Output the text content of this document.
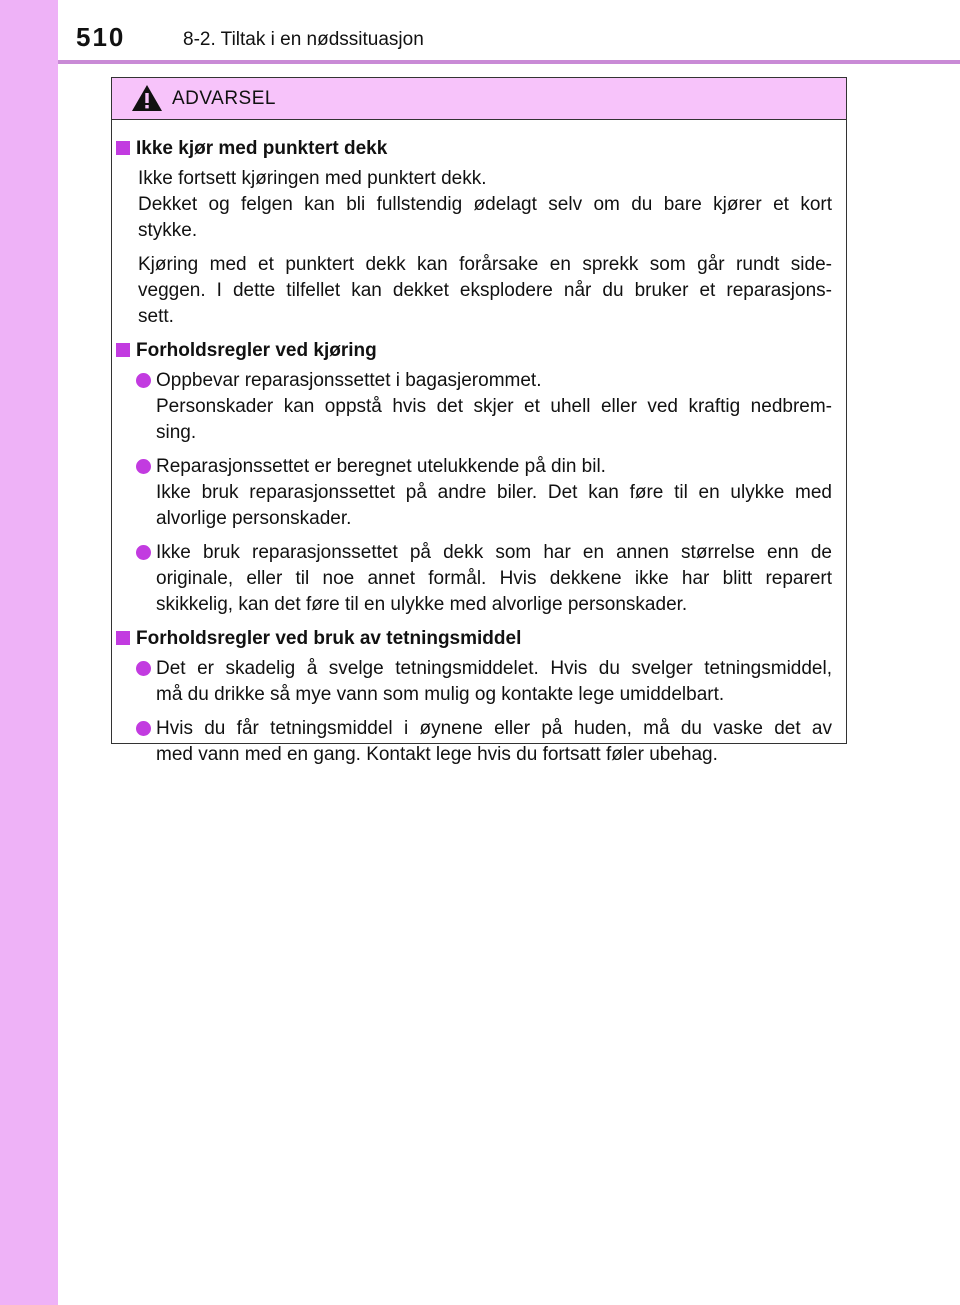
510	8-2. Tiltak i en nødssituasjon
ADVARSEL
Ikke kjør med punktert dekk
Ikke fortsett kjøringen med punktert dekk.
Dekket og felgen kan bli fullstendig ødelagt selv om du bare kjører et kort
stykke.
Kjøring med et punktert dekk kan forårsake en sprekk som går rundt side-
veggen. I dette tilfellet kan dekket eksplodere når du bruker et reparasjons-
sett.
Forholdsregler ved kjøring
Oppbevar reparasjonssettet i bagasjerommet.
Personskader kan oppstå hvis det skjer et uhell eller ved kraftig nedbrem-
sing.
Reparasjonssettet er beregnet utelukkende på din bil.
Ikke bruk reparasjonssettet på andre biler. Det kan føre til en ulykke med
alvorlige personskader.
Ikke bruk reparasjonssettet på dekk som har en annen størrelse enn de
originale, eller til noe annet formål. Hvis dekkene ikke har blitt reparert
skikkelig, kan det føre til en ulykke med alvorlige personskader.
Forholdsregler ved bruk av tetningsmiddel
Det er skadelig å svelge tetningsmiddelet. Hvis du svelger tetningsmiddel,
må du drikke så mye vann som mulig og kontakte lege umiddelbart.
Hvis du får tetningsmiddel i øynene eller på huden, må du vaske det av
med vann med en gang. Kontakt lege hvis du fortsatt føler ubehag.
